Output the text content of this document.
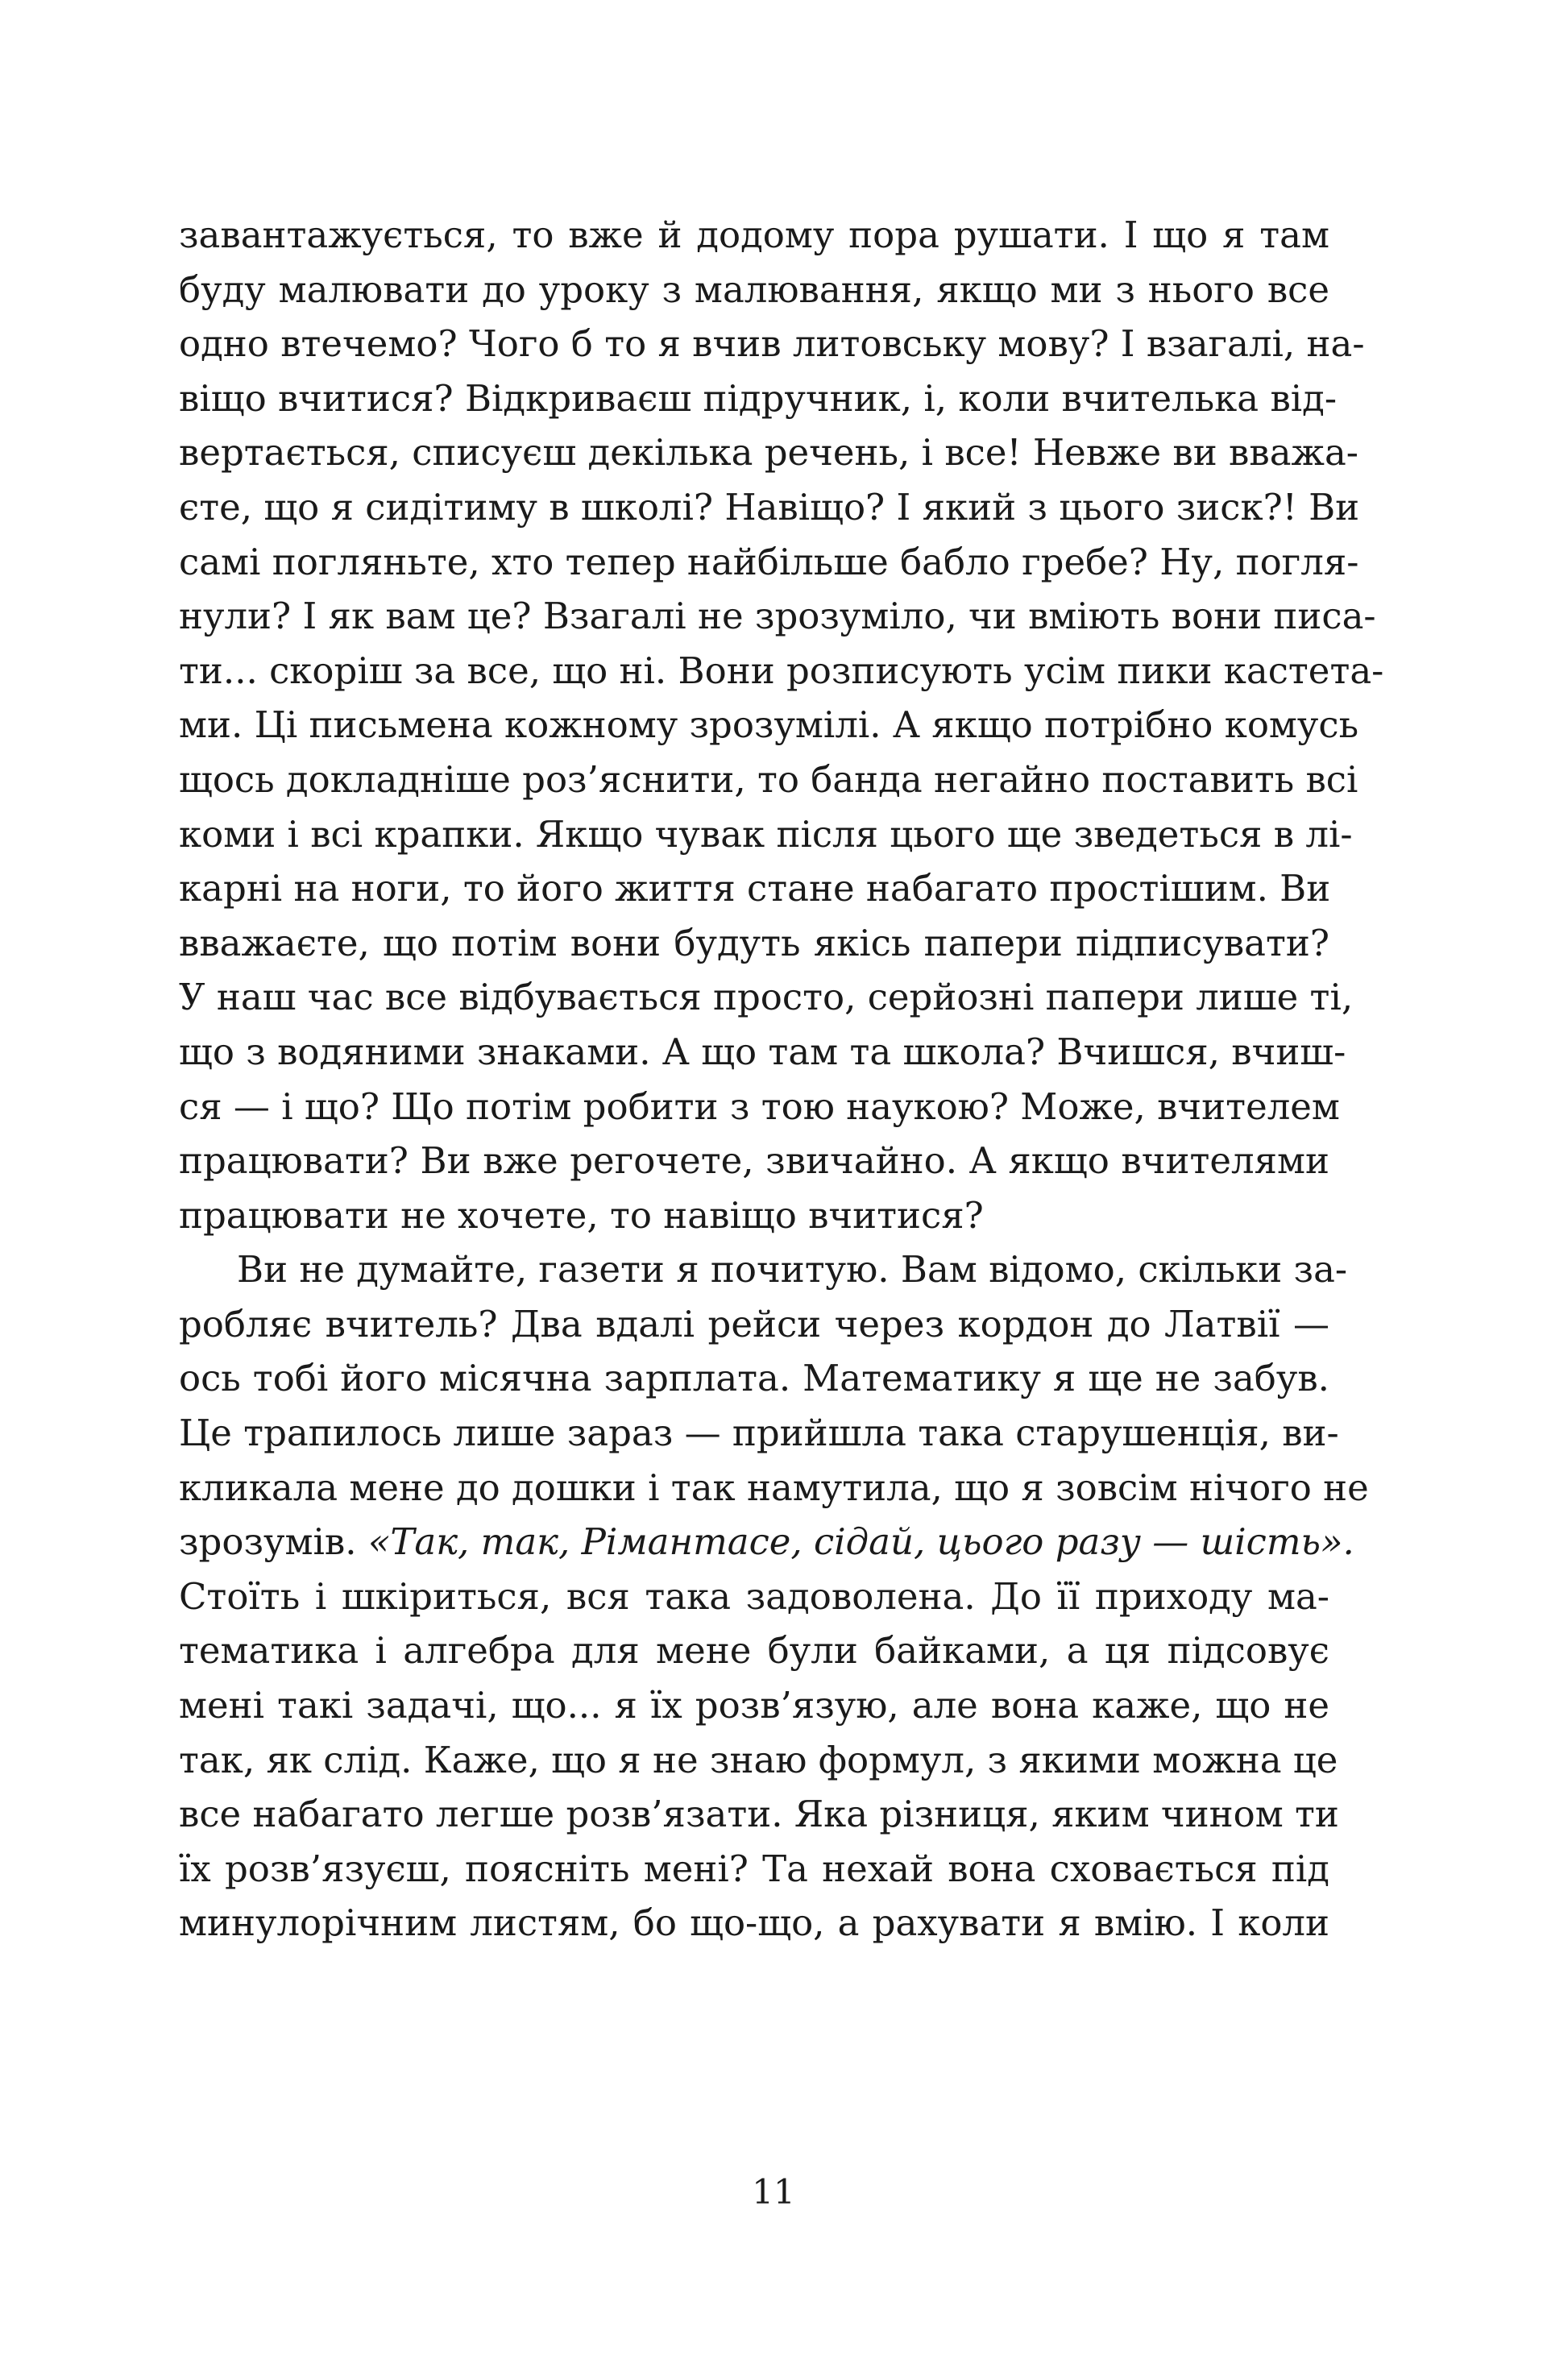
завантажується, то вже й додому пора рушати. І що я там
буду малювати до уроку з малювання, якщо ми з нього все
одно втечемо? Чого б то я вчив литовську мову? І взагалі, на-
віщо вчитися? Відкриваєш підручник, і, коли вчителька від-
вертається, списуєш декілька речень, і все! Невже ви вважа-
єте, що я сидітиму в школі? Навіщо? І який з цього зиск?! Ви
самі погляньте, хто тепер найбільше бабло гребе? Ну, погля-
нули? І як вам це? Взагалі не зрозуміло, чи вміють вони писа-
ти... скоріш за все, що ні. Вони розписують усім пики кастета-
ми. Ці письмена кожному зрозумілі. А якщо потрібно комусь
щось докладніше роз’яснити, то банда негайно поставить всі
коми і всі крапки. Якщо чувак після цього ще зведеться в лі-
карні на ноги, то його життя стане набагато простішим. Ви
вважаєте, що потім вони будуть якісь папери підписувати?
У наш час все відбувається просто, серйозні папери лише ті,
що з водяними знаками. А що там та школа? Вчишся, вчиш-
ся — і що? Що потім робити з тою наукою? Може, вчителем
працювати? Ви вже регочете, звичайно. А якщо вчителями
працювати не хочете, то навіщо вчитися?
Ви не думайте, газети я почитую. Вам відомо, скільки за-
робляє вчитель? Два вдалі рейси через кордон до Латвії —
ось тобі його місячна зарплата. Математику я ще не забув.
Це трапилось лише зараз — прийшла така старушенція, ви-
кликала мене до дошки і так намутила, що я зовсім нічого не
зрозумів. «Так, так, Рімантасе, сідай, цього разу — шість».
Стоїть і шкіриться, вся така задоволена. До її приходу ма-
тематика і алгебра для мене були байками, а ця підсовує
мені такі задачі, що... я їх розв’язую, але вона каже, що не
так, як слід. Каже, що я не знаю формул, з якими можна це
все набагато легше розв’язати. Яка різниця, яким чином ти
їх розв’язуєш, поясніть мені? Та нехай вона сховається під
минулорічним листям, бо що-що, а рахувати я вмію. І коли
11
